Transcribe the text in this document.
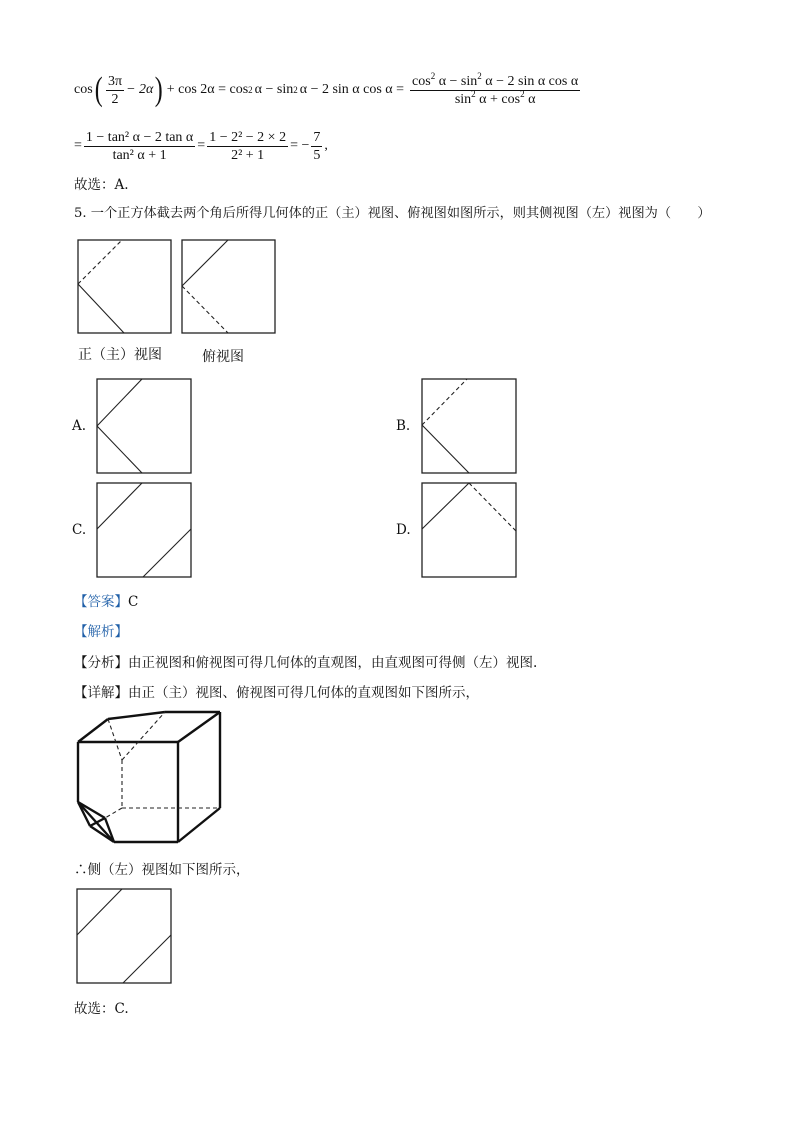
cos ( $\frac{3\pi}{2} - 2\alpha$ ) + cos 2α = cos 2 α − sin 2 α − 2 sin α $\cos \alpha = \frac{\cos^2 \alpha - \sin^2 \alpha - 2 \sin \alpha \cos \alpha}{\sin^2 \alpha + \cos^2 \alpha}$
= $\frac{\text{1 − tan² α − 2 tan α}}{\text{tan² α + 1}} = \frac{\text{1 − 2² − 2 × 2}}{\text{2² + 1}}$ = − $\frac{7}{5}$ ,
故选：A.
5. 一个正方体截去两个角后所得几何体的正（主）视图、俯视图如图所示，则其侧视图（左）视图为（　　）
正（主）视图	俯视图
A.	B.
C.	D.
【答案】C
【解析】
【分析】由正视图和俯视图可得几何体的直观图，由直观图可得侧（左）视图.
【详解】由正（主）视图、俯视图可得几何体的直观图如下图所示，
∴侧（左）视图如下图所示，
故选：C.
